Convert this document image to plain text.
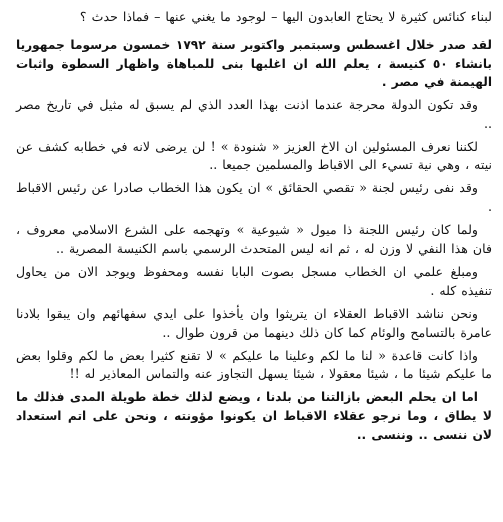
لبناء كنائس كثيرة لا يحتاج العابدون اليها – لوجود ما يغني عنها – فماذا حدث ؟

لقد صدر خلال اغسطس وسبتمبر واكتوبر سنة ١٧٩٢ خمسون مرسوما جمهوريا بانشاء ٥٠ كنيسة ، يعلم الله ان اغلبها بنى للمباهاة واظهار السطوة واثبات الهيمنة في مصر .

وقد تكون الدولة محرجة عندما اذنت بهذا العدد الذي لم يسبق له مثيل في تاريخ مصر ..

لكننا نعرف المسئولين ان الاخ العزيز « شنودة » ! لن يرضى لانه في خطابه كشف عن نيته ، وهي نية تسيء الى الاقباط والمسلمين جميعا ..

وقد نفى رئيس لجنة « تقصي الحقائق » ان يكون هذا الخطاب صادرا عن رئيس الاقباط .

ولما كان رئيس اللجنة ذا ميول « شيوعية » وتهجمه على الشرع الاسلامي معروف ، فان هذا النفي لا وزن له ، ثم انه ليس المتحدث الرسمي باسم الكنيسة المصرية ..

ومبلغ علمي ان الخطاب مسجل بصوت البابا نفسه ومحفوظ ويوجد الان من يحاول تنفيذه كله .

ونحن نناشد الاقباط العقلاء ان يتريثوا وان يأخذوا على ايدي سفهائهم وان يبقوا بلادنا عامرة بالتسامح والوئام كما كان ذلك دينهما من قرون طوال ..

واذا كانت قاعدة « لنا ما لكم وعلينا ما عليكم » لا تقنع كثيرا بعض ما لكم وقلوا بعض ما عليكم شيئا ما ، شيئا معقولا ، شيئا يسهل التجاوز عنه والتماس المعاذير له !!

اما ان يحلم البعض بازالتنا من بلدنا ، ويضع لذلك خطة طويلة المدى فذلك ما لا يطاق ، وما نرجو عقلاء الاقباط ان يكونوا مؤونته ، ونحن على اتم استعداد لان ننسى .. وننسى ..
